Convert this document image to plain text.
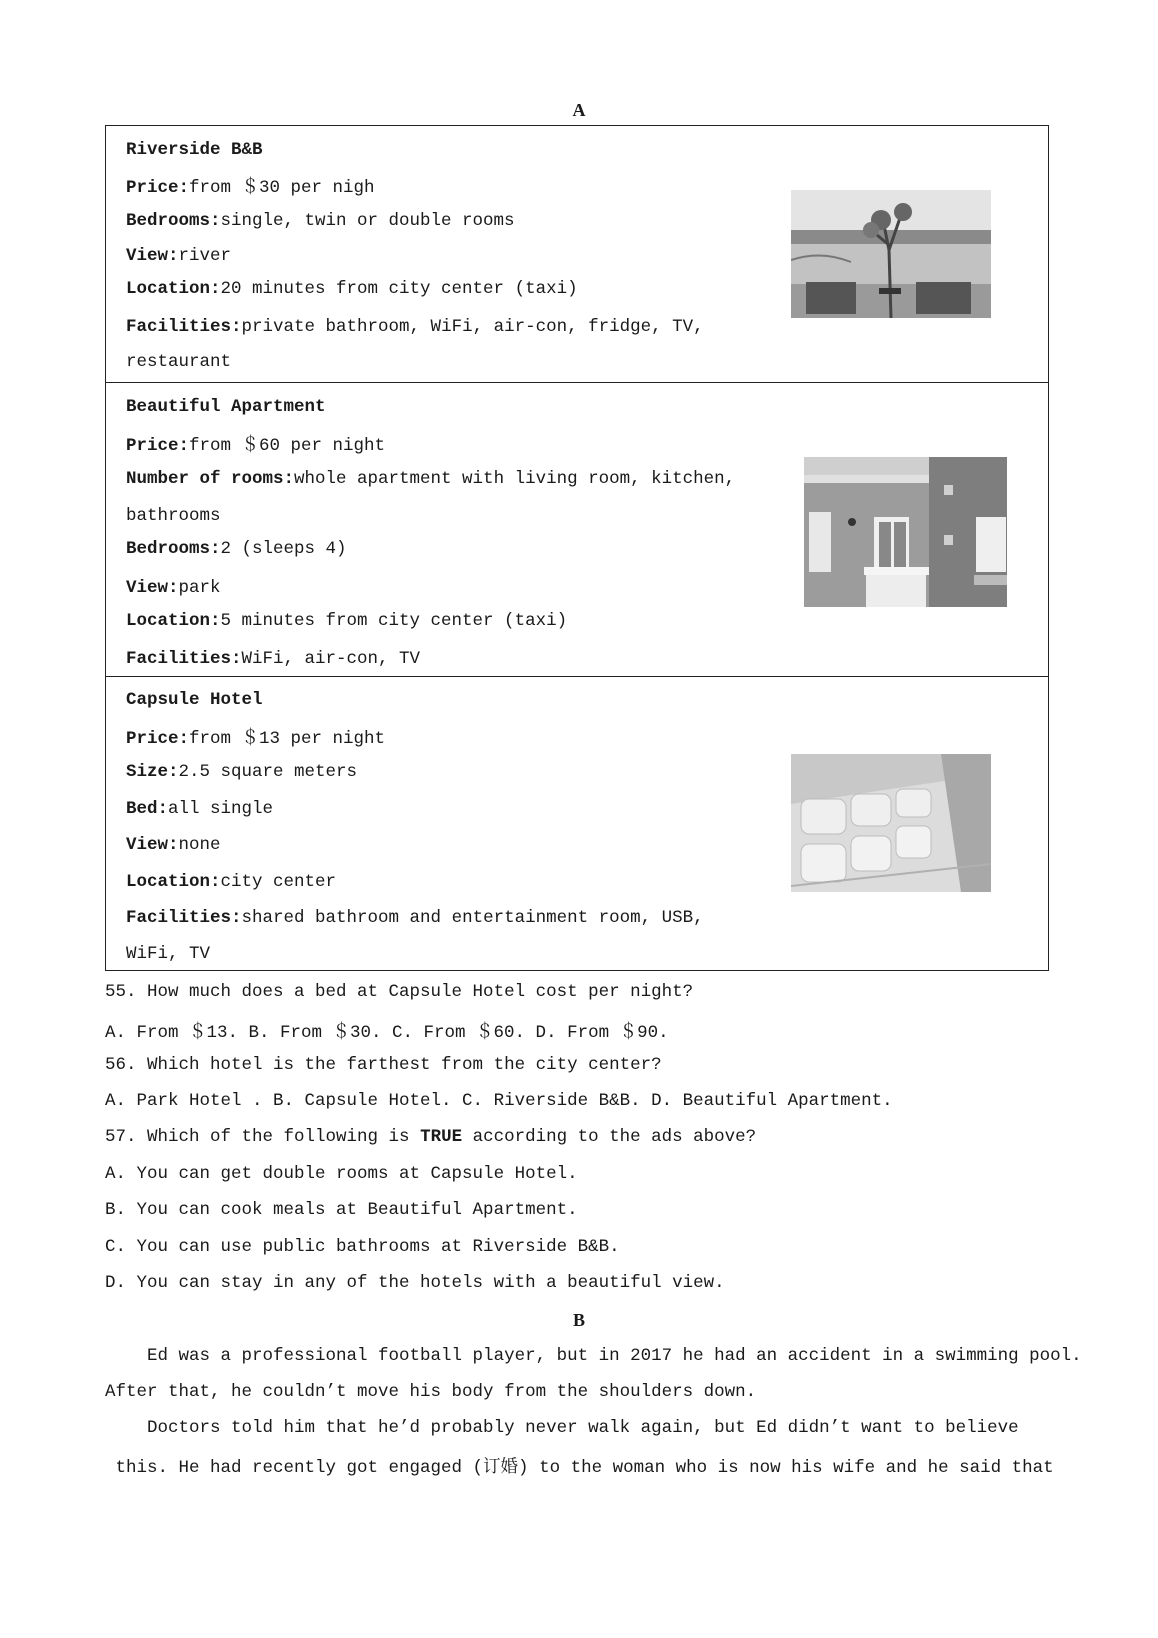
A
Riverside B&B
Price:from ＄30 per nigh
Bedrooms:single, twin or double rooms
View:river
Location:20 minutes from city center (taxi)
Facilities:private bathroom, WiFi, air-con, fridge, TV,
restaurant
Beautiful Apartment
Price:from ＄60 per night
Number of rooms:whole apartment with living room, kitchen,
bathrooms
Bedrooms:2 (sleeps 4)
View:park
Location:5 minutes from city center (taxi)
Facilities:WiFi, air-con, TV
Capsule Hotel
Price:from ＄13 per night
Size:2.5 square meters
Bed:all single
View:none
Location:city center
Facilities:shared bathroom and entertainment room, USB,
WiFi, TV
55. How much does a bed at Capsule Hotel cost per night?
A. From ＄13. B. From ＄30. C. From ＄60. D. From ＄90.
56. Which hotel is the farthest from the city center?
A. Park Hotel . B. Capsule Hotel. C. Riverside B&B. D. Beautiful Apartment.
57. Which of the following is TRUE according to the ads above?
A. You can get double rooms at Capsule Hotel.
B. You can cook meals at Beautiful Apartment.
C. You can use public bathrooms at Riverside B&B.
D. You can stay in any of the hotels with a beautiful view.
B
Ed was a professional football player, but in 2017 he had an accident in a swimming pool.
After that, he couldn’t move his body from the shoulders down.
Doctors told him that he’d probably never walk again, but Ed didn’t want to believe
this. He had recently got engaged (订婚) to the woman who is now his wife and he said that
